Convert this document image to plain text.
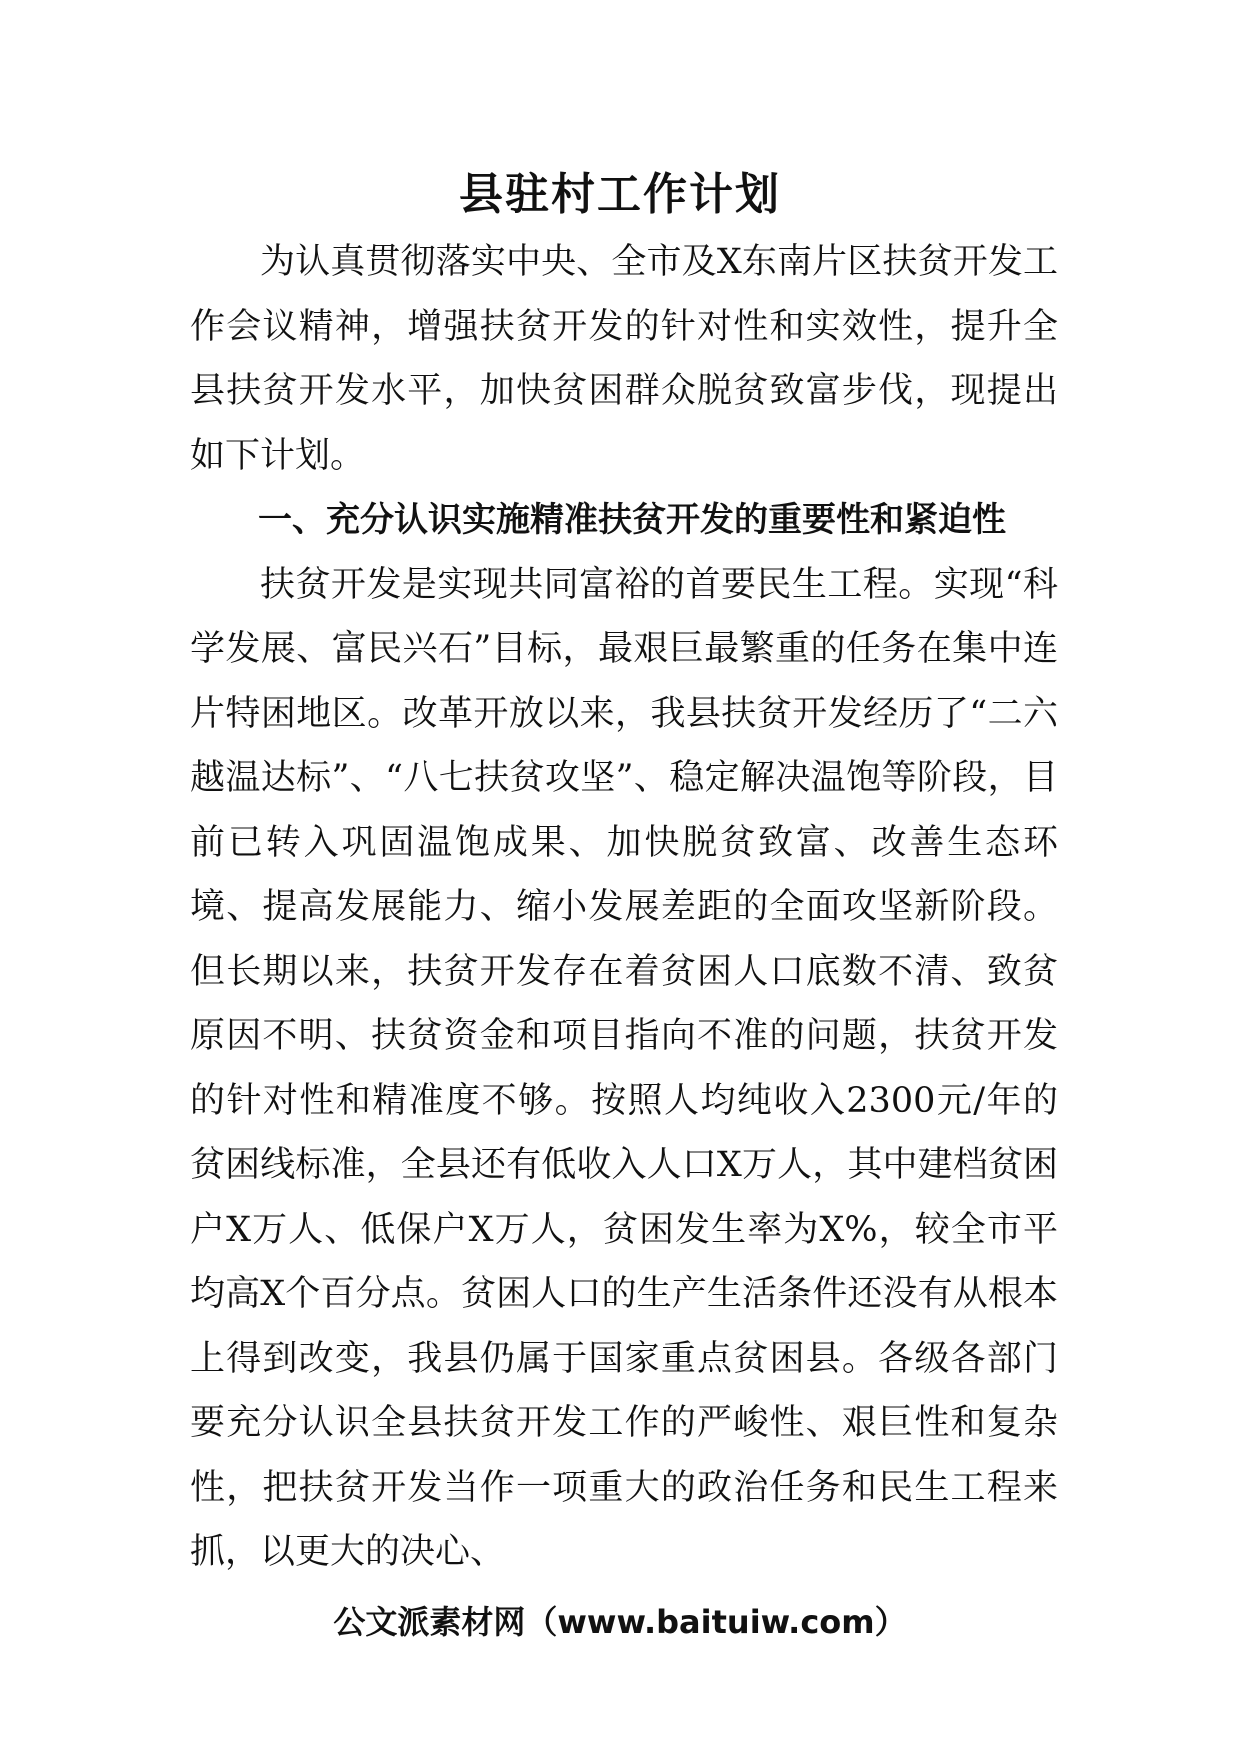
县驻村工作计划

为认真贯彻落实中央、全市及X东南片区扶贫开发工作会议精神，增强扶贫开发的针对性和实效性，提升全县扶贫开发水平，加快贫困群众脱贫致富步伐，现提出如下计划。

一、充分认识实施精准扶贫开发的重要性和紧迫性

扶贫开发是实现共同富裕的首要民生工程。实现“科学发展、富民兴石”目标，最艰巨最繁重的任务在集中连片特困地区。改革开放以来，我县扶贫开发经历了“二六越温达标”、“八七扶贫攻坚”、稳定解决温饱等阶段，目前已转入巩固温饱成果、加快脱贫致富、改善生态环境、提高发展能力、缩小发展差距的全面攻坚新阶段。但长期以来，扶贫开发存在着贫困人口底数不清、致贫原因不明、扶贫资金和项目指向不准的问题，扶贫开发的针对性和精准度不够。按照人均纯收入2300元/年的贫困线标准，全县还有低收入人口X万人，其中建档贫困户X万人、低保户X万人，贫困发生率为X%，较全市平均高X个百分点。贫困人口的生产生活条件还没有从根本上得到改变，我县仍属于国家重点贫困县。各级各部门要充分认识全县扶贫开发工作的严峻性、艰巨性和复杂性，把扶贫开发当作一项重大的政治任务和民生工程来抓，以更大的决心、

公文派素材网（www.baituiw.com）
